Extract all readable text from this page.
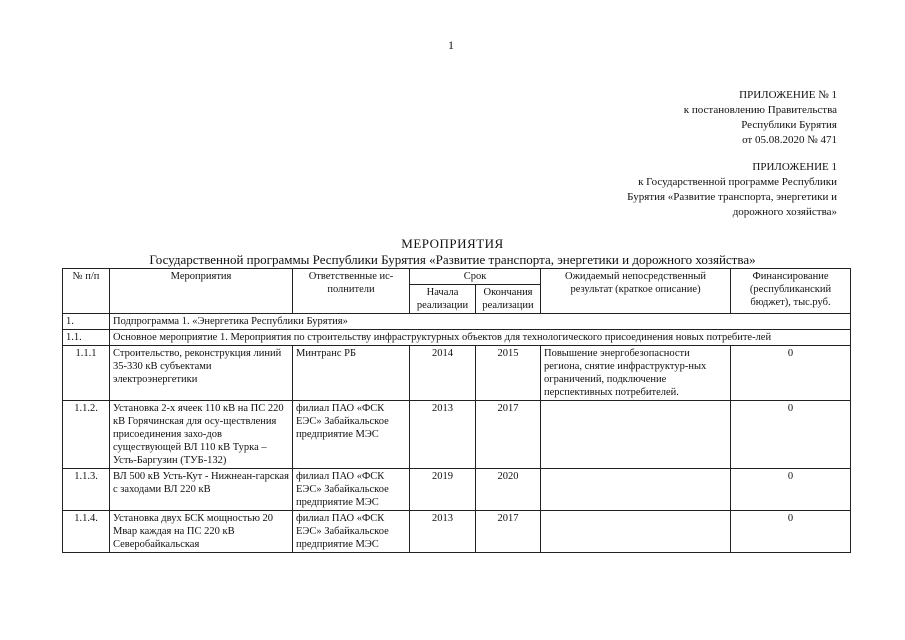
1
ПРИЛОЖЕНИЕ № 1
к постановлению Правительства
Республики Бурятия
от 05.08.2020 № 471
ПРИЛОЖЕНИЕ 1
к Государственной программе Республики
Бурятия «Развитие транспорта, энергетики и
дорожного хозяйства»
МЕРОПРИЯТИЯ
Государственной программы Республики Бурятия «Развитие транспорта, энергетики и дорожного хозяйства»
№ п/п	Мероприятия	Ответственные ис-полнители	Срок		Ожидаемый непосредственный результат (краткое описание)	Финансирование (республиканский бюджет), тыс.руб.
			Начала реализации	Окончания реализации		
1.	Подпрограмма 1. «Энергетика Республики Бурятия»					
1.1.	Основное мероприятие 1. Мероприятия по строительству инфраструктурных объектов для технологического присоединения новых потребите-лей					
1.1.1	Строительство, реконструкция линий 35-330 кВ субъектами электроэнергетики	Минтранс РБ	2014	2015	Повышение энергобезопасности региона, снятие инфраструктур-ных ограничений, подключение перспективных потребителей.	0
1.1.2.	Установка 2-х ячеек 110 кВ на ПС 220 кВ Горячинская для осу-ществления присоединения захо-дов существующей ВЛ 110 кВ Турка – Усть-Баргузин (ТУБ-132)	филиал ПАО «ФСК ЕЭС» Забайкальское предприятие МЭС	2013	2017		0
1.1.3.	ВЛ 500 кВ Усть-Кут - Нижнеан-гарская с заходами ВЛ 220 кВ	филиал ПАО «ФСК ЕЭС» Забайкальское предприятие МЭС	2019	2020		0
1.1.4.	Установка двух БСК мощностью 20 Мвар каждая на ПС 220 кВ Северобайкальская	филиал ПАО «ФСК ЕЭС» Забайкальское предприятие МЭС	2013	2017		0
